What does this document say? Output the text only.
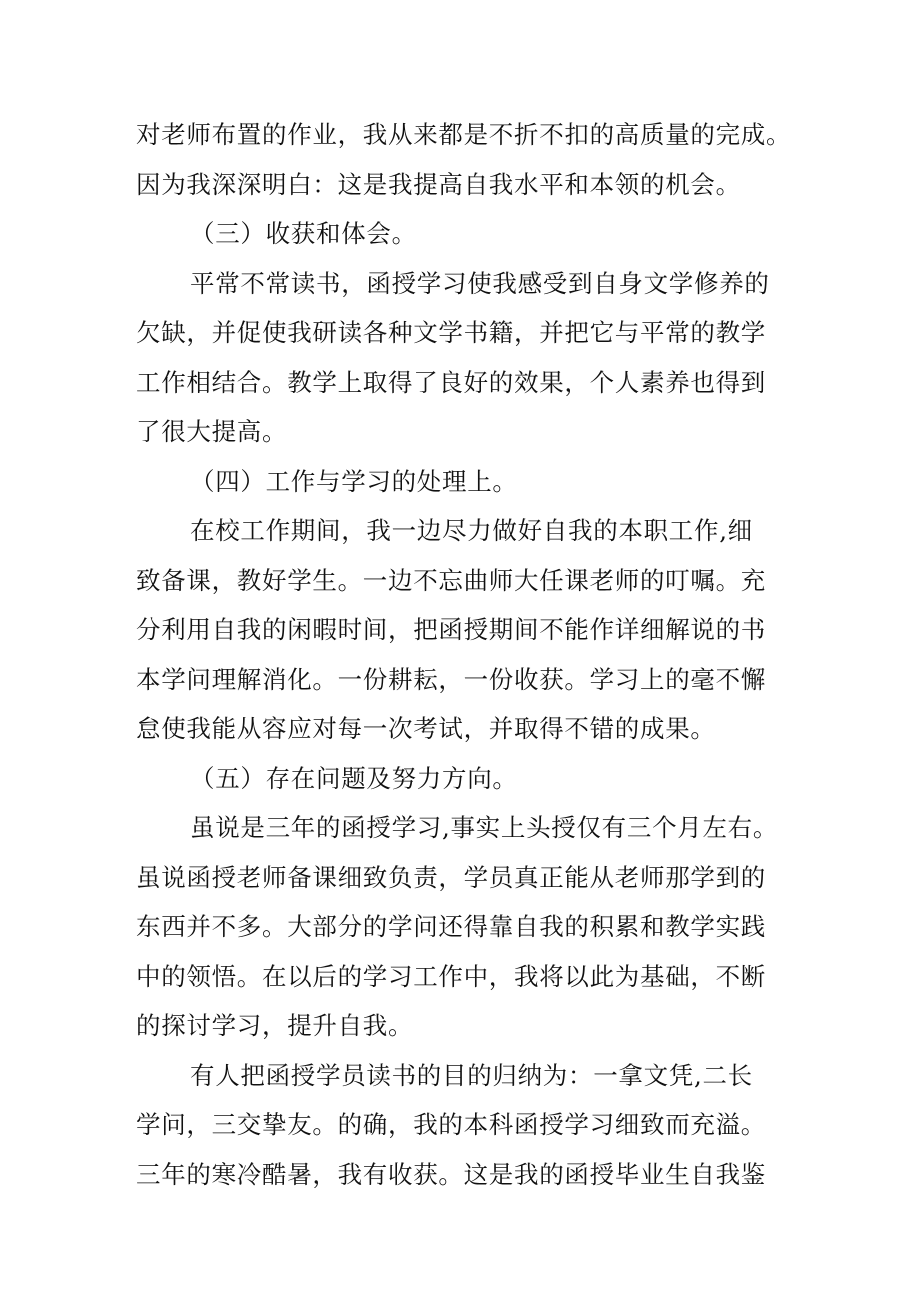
对老师布置的作业，我从来都是不折不扣的高质量的完成。
因为我深深明白：这是我提高自我水平和本领的机会。
（三）收获和体会。
平常不常读书，函授学习使我感受到自身文学修养的
欠缺，并促使我研读各种文学书籍，并把它与平常的教学
工作相结合。教学上取得了良好的效果，个人素养也得到
了很大提高。
（四）工作与学习的处理上。
在校工作期间，我一边尽力做好自我的本职工作,细
致备课，教好学生。一边不忘曲师大任课老师的叮嘱。充
分利用自我的闲暇时间，把函授期间不能作详细解说的书
本学问理解消化。一份耕耘，一份收获。学习上的毫不懈
怠使我能从容应对每一次考试，并取得不错的成果。
（五）存在问题及努力方向。
虽说是三年的函授学习,事实上头授仅有三个月左右。
虽说函授老师备课细致负责，学员真正能从老师那学到的
东西并不多。大部分的学问还得靠自我的积累和教学实践
中的领悟。在以后的学习工作中，我将以此为基础，不断
的探讨学习，提升自我。
有人把函授学员读书的目的归纳为：一拿文凭,二长
学问，三交挚友。的确，我的本科函授学习细致而充溢。
三年的寒冷酷暑，我有收获。这是我的函授毕业生自我鉴
